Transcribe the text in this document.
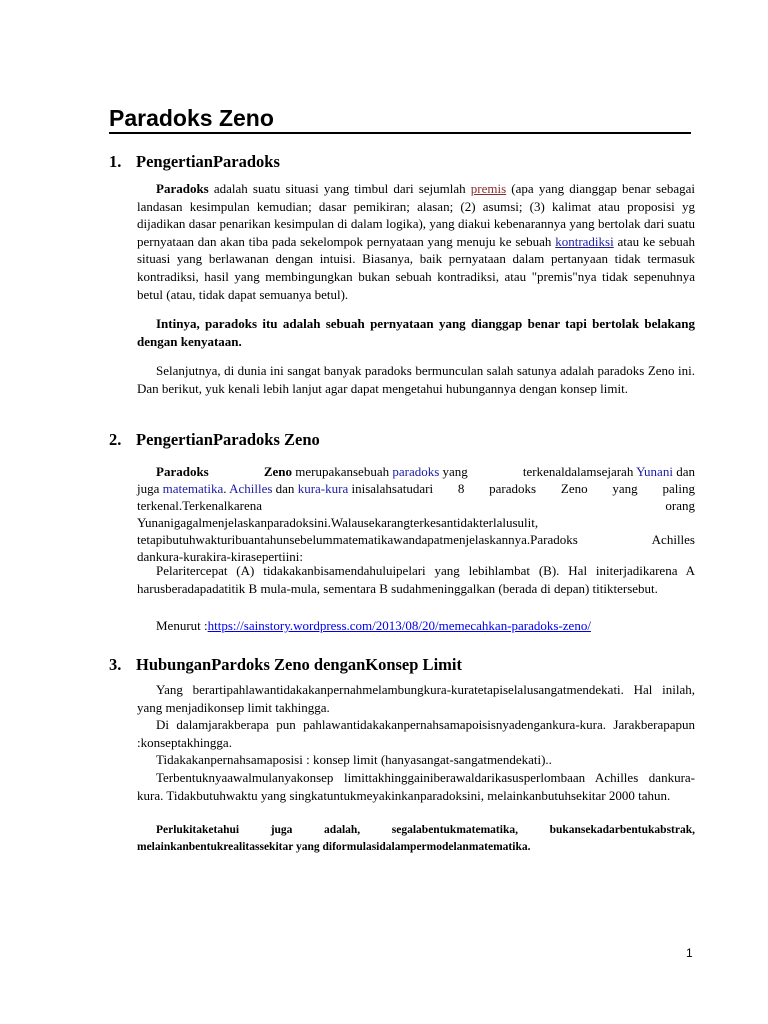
Paradoks Zeno
1. PengertianParadoks

Paradoks adalah suatu situasi yang timbul dari sejumlah premis (apa yang dianggap benar sebagai landasan kesimpulan kemudian; dasar pemikiran; alasan; (2) asumsi; (3) kalimat atau proposisi yg dijadikan dasar penarikan kesimpulan di dalam logika), yang diakui kebenarannya yang bertolak dari suatu pernyataan dan akan tiba pada sekelompok pernyataan yang menuju ke sebuah kontradiksi atau ke sebuah situasi yang berlawanan dengan intuisi. Biasanya, baik pernyataan dalam pertanyaan tidak termasuk kontradiksi, hasil yang membingungkan bukan sebuah kontradiksi, atau "premis"nya tidak sepenuhnya betul (atau, tidak dapat semuanya betul).

Intinya, paradoks itu adalah sebuah pernyataan yang dianggap benar tapi bertolak belakang dengan kenyataan.

Selanjutnya, di dunia ini sangat banyak paradoks bermunculan salah satunya adalah paradoks Zeno ini. Dan berikut, yuk kenali lebih lanjut agar dapat mengetahui hubungannya dengan konsep limit.

2. PengertianParadoks Zeno
Paradoks	Zeno merupakansebuah paradoks yang	terkenaldalamsejarah Yunani dan
juga matematika. Achilles dan kura-kura inisalahsatudari 8 paradoks Zeno yang paling
terkenal.Terkenalkarena	orang
Yunanigagalmenjelaskanparadoksini.Walausekarangterkesantidakterlalusulit,
tetapibutuhwakturibuantahunsebelummatematikawandapatmenjelaskannya.Paradoks	Achilles
dankura-kurakira-kirasepertiini:

Pelaritercepat (A) tidakakanbisamendahuluipelari yang lebihlambat (B). Hal initerjadikarena A harusberadapadatitik B mula-mula, sementara B sudahmeninggalkan (berada di depan) titiktersebut.

Menurut :https://sainstory.wordpress.com/2013/08/20/memecahkan-paradoks-zeno/

3. HubunganPardoks Zeno denganKonsep Limit

Yang berartipahlawantidakakanpernahmelambungkura-kuratetapiselalusangatmendekati. Hal inilah, yang menjadikonsep limit takhingga.

Di dalamjarakberapa pun pahlawantidakakanpernahsamapoisisnyadengankura-kura. Jarakberapapun :konseptakhingga.

Tidakakanpernahsamaposisi : konsep limit (hanyasangat-sangatmendekati)..

Terbentuknyaawalmulanyakonsep limittakhinggainiberawaldarikasusperlombaan Achilles dankura-kura. Tidakbutuhwaktu yang singkatuntukmeyakinkanparadoksini, melainkanbutuhsekitar 2000 tahun.

Perlukitaketahui juga adalah, segalabentukmatematika, bukansekadarbentukabstrak, melainkanbentukrealitassekitar yang diformulasidalampermodelanmatematika.

1
